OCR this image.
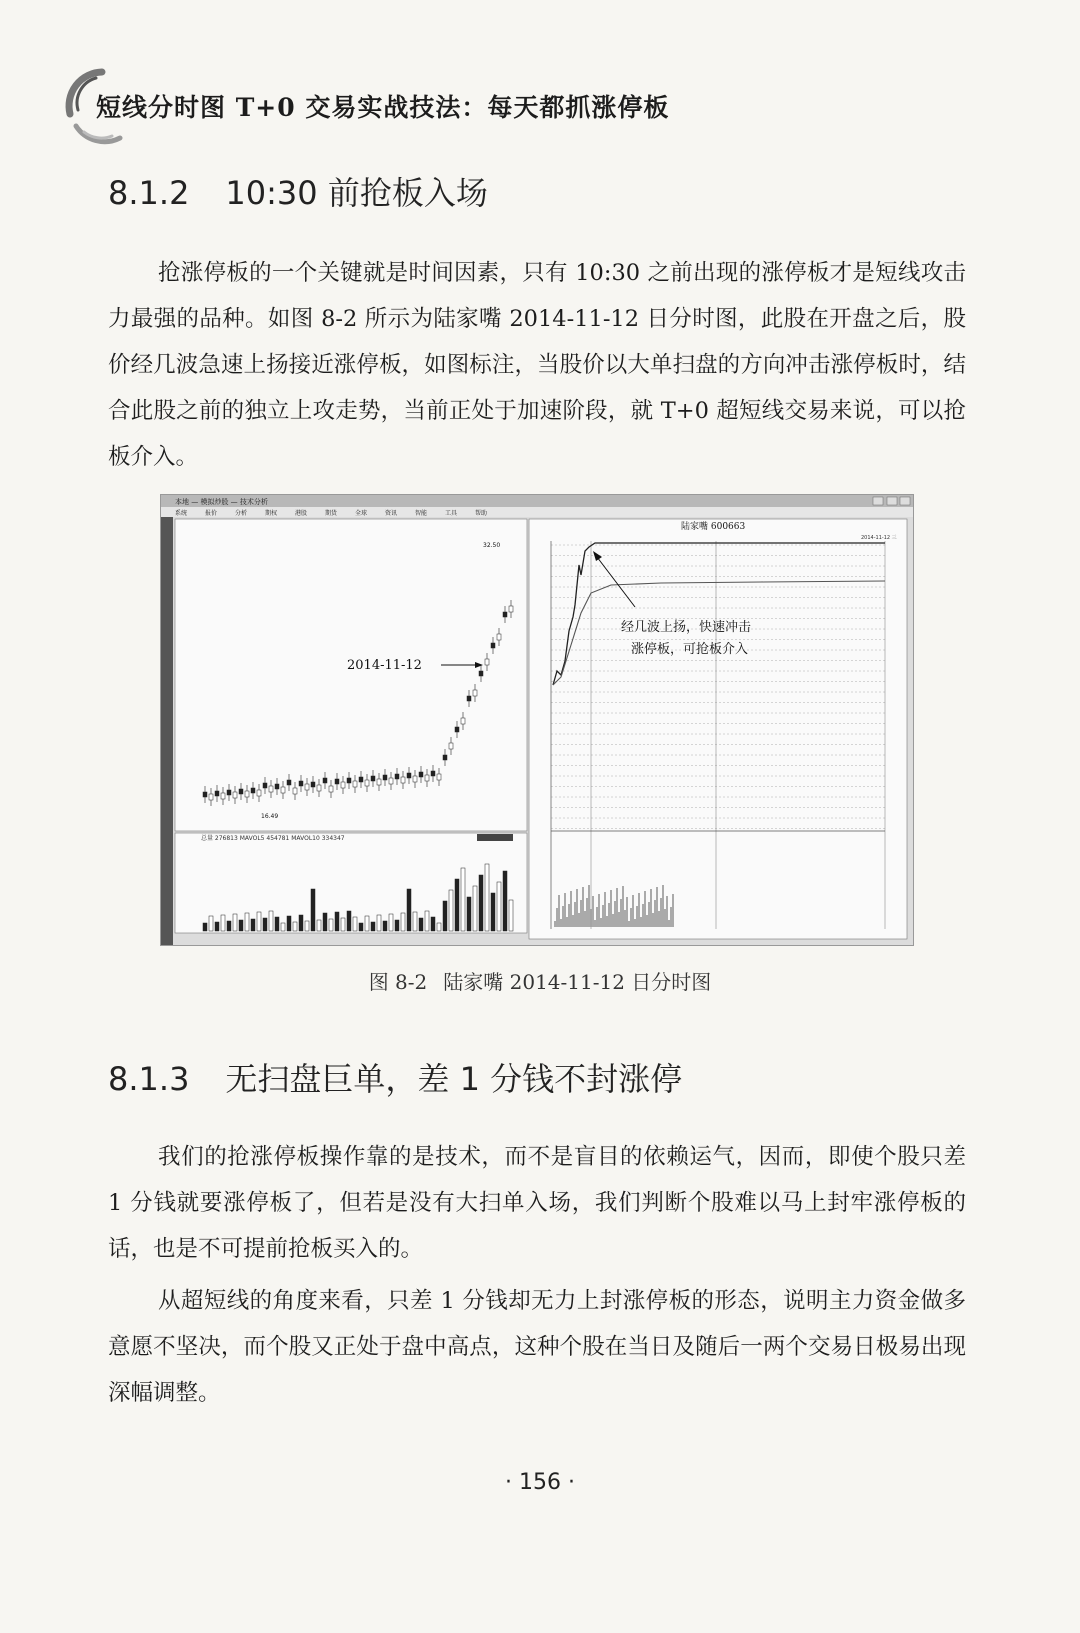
短线分时图 T+0 交易实战技法：每天都抓涨停板
8.1.2 10:30 前抢板入场

抢涨停板的一个关键就是时间因素，只有 10:30 之前出现的涨停板才是短线攻击力最强的品种。如图 8-2 所示为陆家嘴 2014-11-12 日分时图，此股在开盘之后，股价经几波急速上扬接近涨停板，如图标注，当股价以大单扫盘的方向冲击涨停板时，结合此股之前的独立上攻走势，当前正处于加速阶段，就 T+0 超短线交易来说，可以抢板介入。

本地 — 模拟炒股 — 技术分析
系统	报价	分析	期权	港股	期货	全球	资讯	智能	工具	帮助
总量 276813 MAVOL5 454781 MAVOL10 334347
2014-11-12
32.50
16.49
陆家嘴 600663
2014-11-12 三
经几波上扬，快速冲击
涨停板，可抢板介入
图 8-2 陆家嘴 2014-11-12 日分时图
8.1.3 无扫盘巨单，差 1 分钱不封涨停

我们的抢涨停板操作靠的是技术，而不是盲目的依赖运气，因而，即使个股只差 1 分钱就要涨停板了，但若是没有大扫单入场，我们判断个股难以马上封牢涨停板的话，也是不可提前抢板买入的。

从超短线的角度来看，只差 1 分钱却无力上封涨停板的形态，说明主力资金做多意愿不坚决，而个股又正处于盘中高点，这种个股在当日及随后一两个交易日极易出现深幅调整。

· 156 ·
